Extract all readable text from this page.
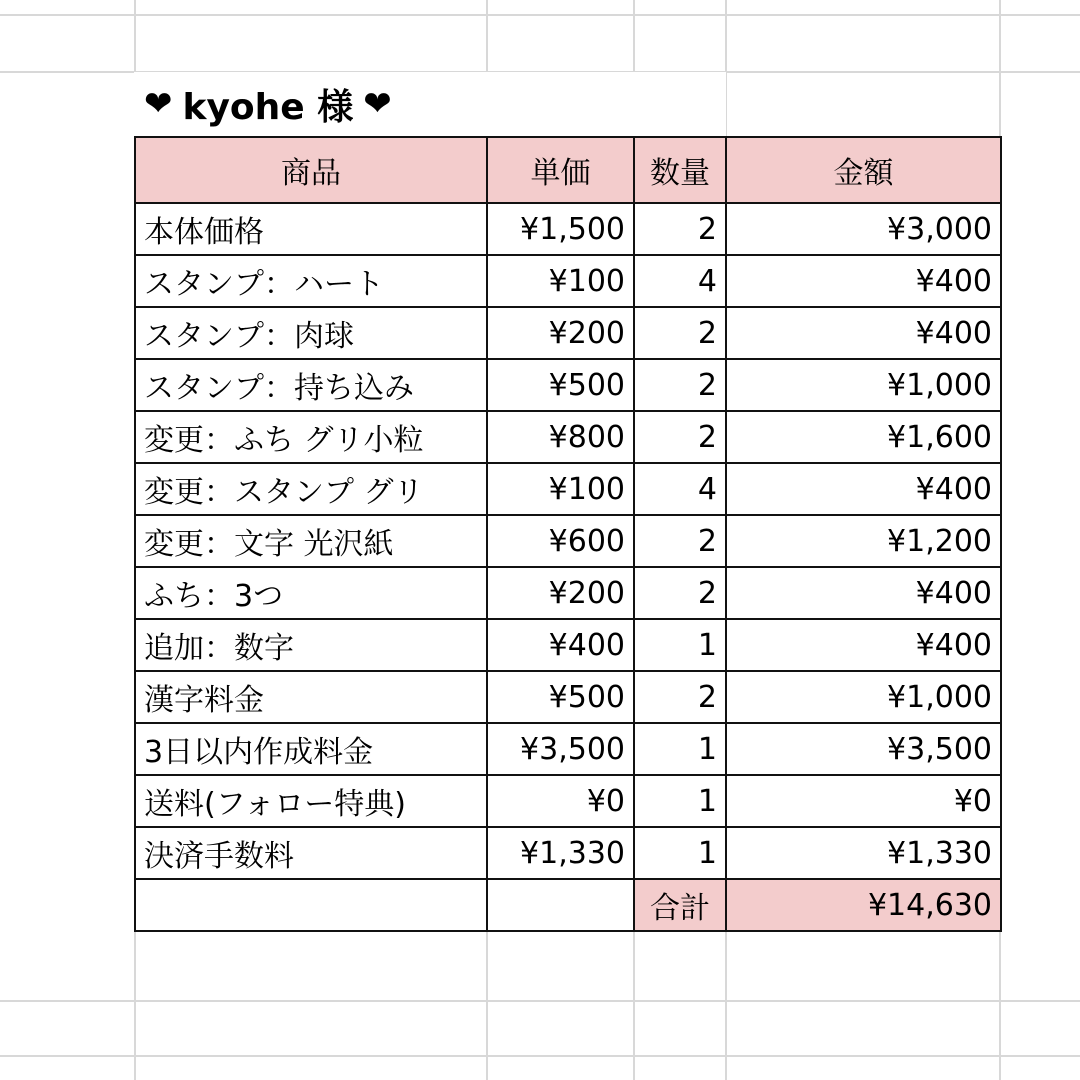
❤ kyohe 様 ❤
商品	単価	数量	金額
本体価格	¥1,500	2	¥3,000
スタンプ：ハート	¥100	4	¥400
スタンプ：肉球	¥200	2	¥400
スタンプ：持ち込み	¥500	2	¥1,000
変更：ふち グリ小粒	¥800	2	¥1,600
変更：スタンプ グリ	¥100	4	¥400
変更：文字 光沢紙	¥600	2	¥1,200
ふち：3つ	¥200	2	¥400
追加：数字	¥400	1	¥400
漢字料金	¥500	2	¥1,000
3日以内作成料金	¥3,500	1	¥3,500
送料(フォロー特典)	¥0	1	¥0
決済手数料	¥1,330	1	¥1,330
		合計	¥14,630
